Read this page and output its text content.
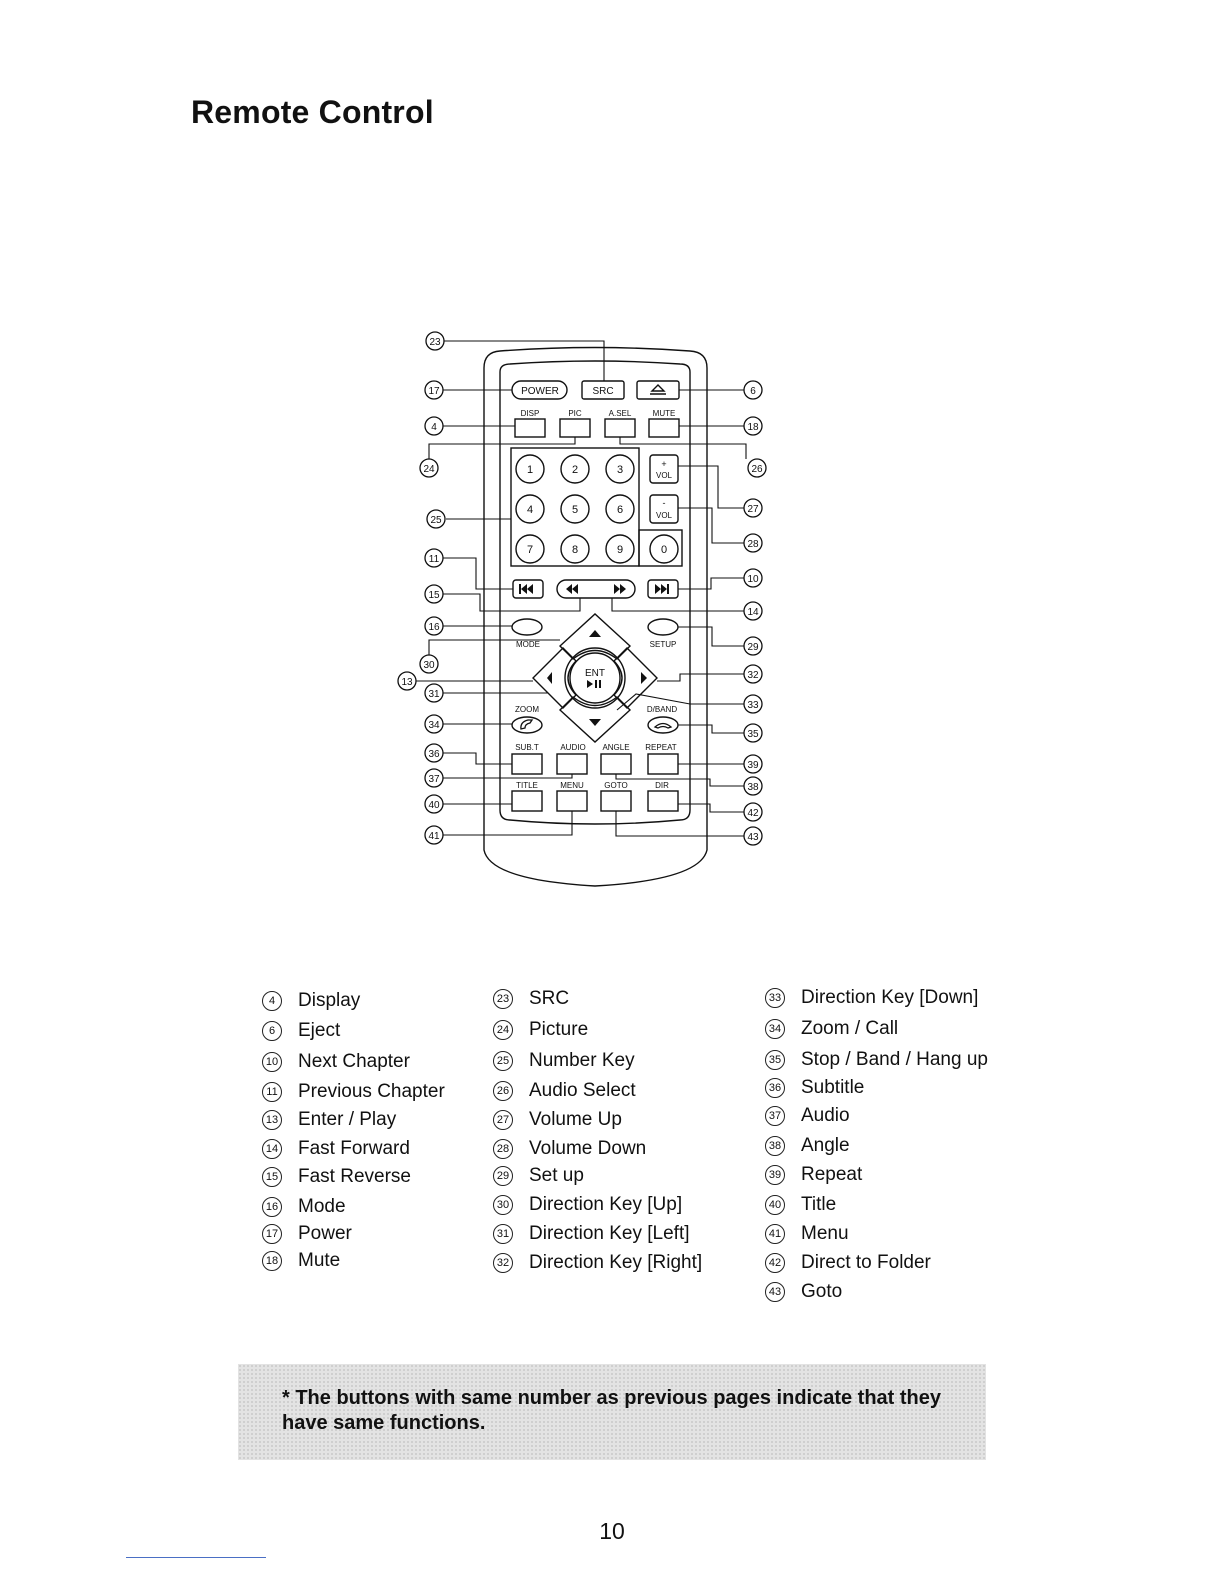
Remote Control
POWER	SRC
DISP	PIC	A.SEL	MUTE
1	2	3
4	5	6
7	8	9	0
+
VOL
-
VOL
MODE	SETUP
ENT
ZOOM	D/BAND
SUB.T	AUDIO ANGLE REPEAT
TITLE	MENU	GOTO	DIR
23
17	6
4	18
24	26
25
27
28
11
10
15
14
16
29
30
13
32
31
33
34
35
36
39
37
38
40
42
41	43
4	Display
6	Eject
10 Next Chapter
11 Previous Chapter
13 Enter / Play
14 Fast Forward
15 Fast Reverse
16 Mode
17 Power
18 Mute
23 SRC
24 Picture
25 Number Key
26 Audio Select
27 Volume Up
28 Volume Down
29 Set up
30 Direction Key [Up]
31 Direction Key [Left]
32 Direction Key [Right]
33 Direction Key [Down]
34 Zoom / Call
35 Stop / Band / Hang up
36 Subtitle
37 Audio
38 Angle
39 Repeat
40 Title
41 Menu
42 Direct to Folder
43 Goto
* The buttons with same number as previous pages indicate that they have same functions.
10
